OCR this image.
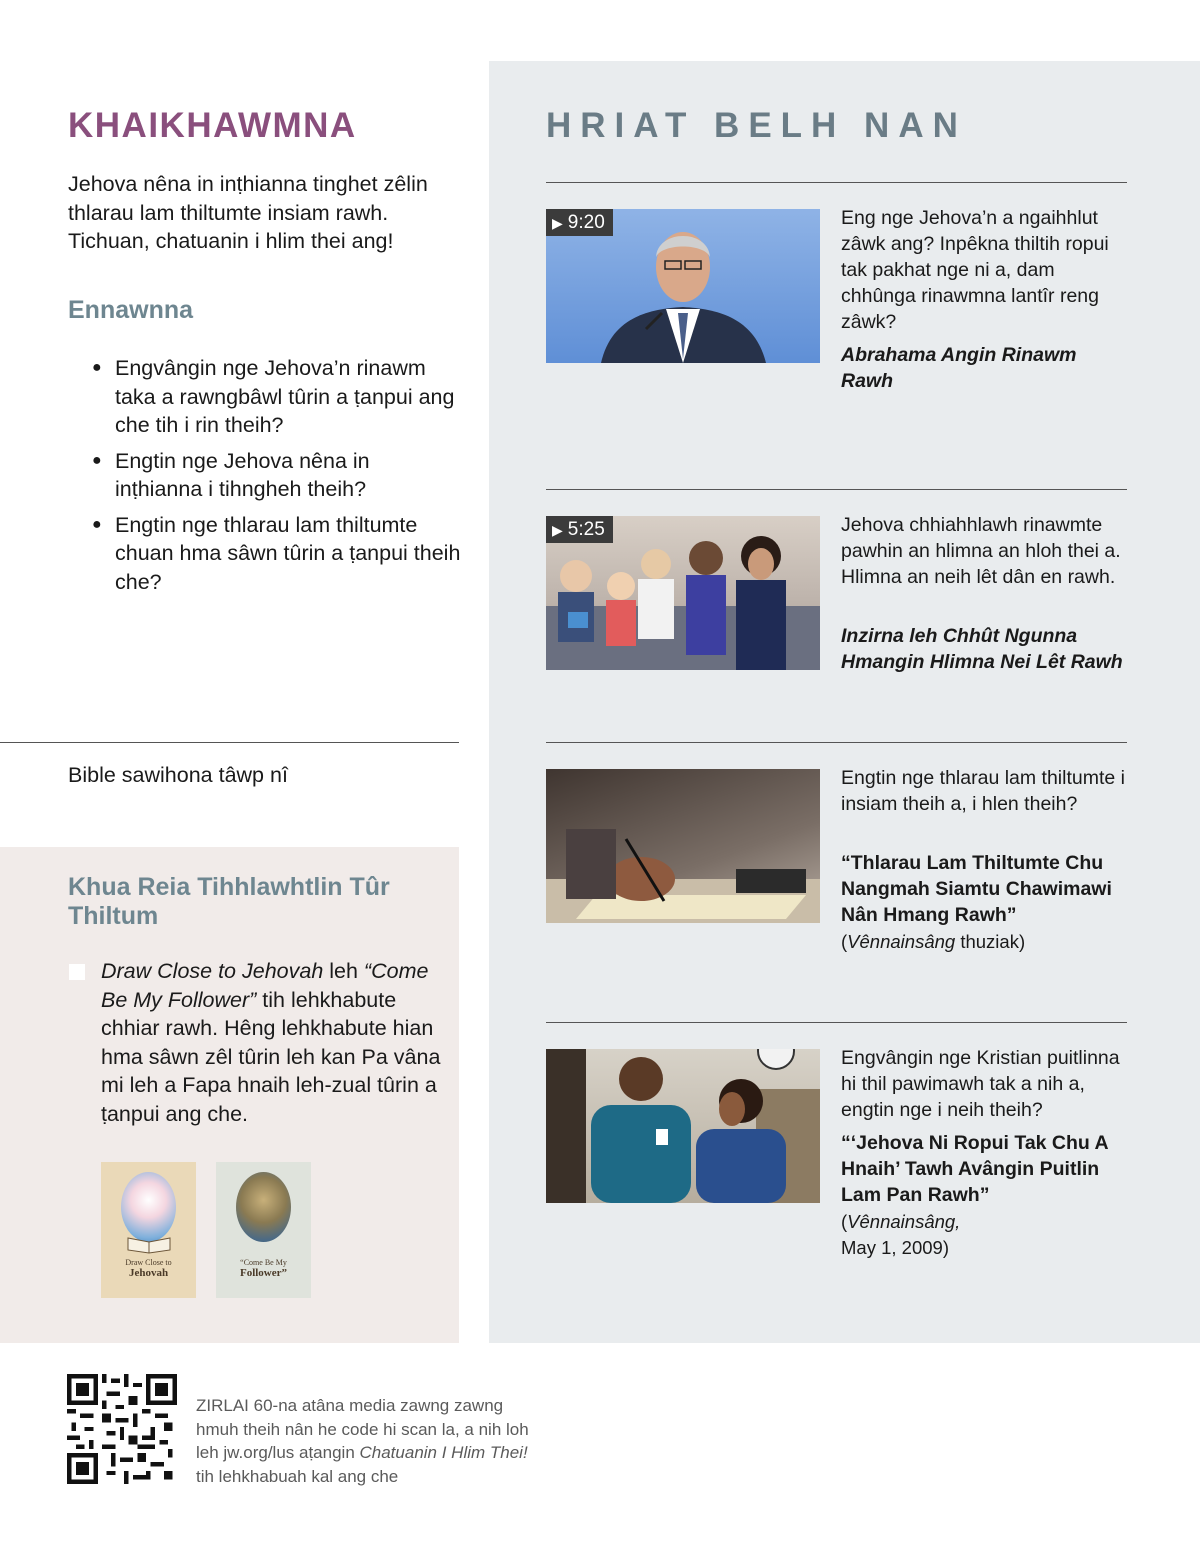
KHAIKHAWMNA

Jehova nêna in inṭhianna tinghet zêlin thlarau lam thiltumte insiam rawh. Tichuan, chatuanin i hlim thei ang!

Ennawnna
● Engvângin nge Jehova’n rinawm taka a rawngbâwl tûrin a ṭanpui ang che tih i rin theih?
● Engtin nge Jehova nêna in inṭhianna i tihngheh theih?
● Engtin nge thlarau lam thiltumte chuan hma sâwn tûrin a ṭanpui theih che?

Bible sawihona tâwp nî

Khua Reia Tihhlawhtlin Tûr Thiltum

Draw Close to Jehovah leh “Come Be My Follower” tih lehkhabute chhiar rawh. Hêng lehkhabute hian hma sâwn zêl tûrin leh kan Pa vâna mi leh a Fapa hnaih leh-zual tûrin a ṭanpui ang che.

Draw Close to
Jehovah
“Come Be My
Follower”
HRIAT BELH NAN
▶ 9:20	Eng nge Jehova’n a ngaihhlut zâwk ang? Inpêkna thiltih ropui tak pakhat nge ni a, dam chhûnga rinawmna lantîr reng zâwk?

Abrahama Angin Rinawm Rawh

▶ 5:25	Jehova chhiahhlawh rinawmte pawhin an hlimna an hloh thei a. Hlimna an neih lêt dân en rawh.

Inzirna leh Chhût Ngunna Hmangin Hlimna Nei Lêt Rawh

Engtin nge thlarau lam thiltumte i insiam theih a, i hlen theih?

“Thlarau Lam Thiltumte Chu Nangmah Siamtu Chawimawi Nân Hmang Rawh”

(Vênnainsâng thuziak)

Engvângin nge Kristian puitlinna hi thil pawimawh tak a nih a, engtin nge i neih theih?

“‘Jehova Ni Ropui Tak Chu A Hnaih’ Tawh Avângin Puitlin Lam Pan Rawh”

(Vênnainsâng,
May 1, 2009)

ZIRLAI 60-na atâna media zawng zawng hmuh theih nân he code hi scan la, a nih loh leh jw.org/lus aṭangin Chatuanin I Hlim Thei! tih lehkhabuah kal ang che
